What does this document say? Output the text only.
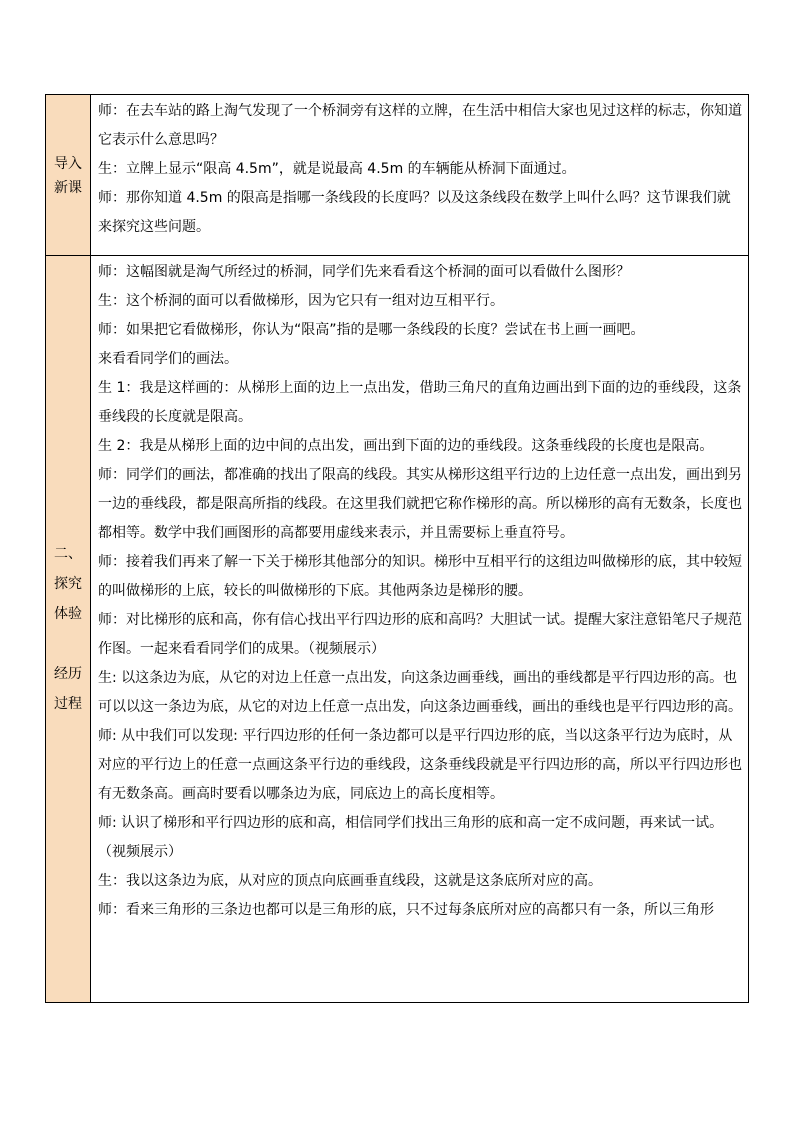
导入
新课

师：在去车站的路上淘气发现了一个桥洞旁有这样的立牌，在生活中相信大家也见过这样的标志，你知道它表示什么意思吗？

生：立牌上显示“限高 4.5m”，就是说最高 4.5m 的车辆能从桥洞下面通过。

师：那你知道 4.5m 的限高是指哪一条线段的长度吗？以及这条线段在数学上叫什么吗？这节课我们就来探究这些问题。

二、
探究
体验
经历
过程

师：这幅图就是淘气所经过的桥洞，同学们先来看看这个桥洞的面可以看做什么图形？

生：这个桥洞的面可以看做梯形，因为它只有一组对边互相平行。

师：如果把它看做梯形，你认为“限高”指的是哪一条线段的长度？尝试在书上画一画吧。

来看看同学们的画法。

生 1：我是这样画的：从梯形上面的边上一点出发，借助三角尺的直角边画出到下面的边的垂线段，这条垂线段的长度就是限高。

生 2：我是从梯形上面的边中间的点出发，画出到下面的边的垂线段。这条垂线段的长度也是限高。

师：同学们的画法，都准确的找出了限高的线段。其实从梯形这组平行边的上边任意一点出发，画出到另一边的垂线段，都是限高所指的线段。在这里我们就把它称作梯形的高。所以梯形的高有无数条，长度也都相等。数学中我们画图形的高都要用虚线来表示，并且需要标上垂直符号。

师：接着我们再来了解一下关于梯形其他部分的知识。梯形中互相平行的这组边叫做梯形的底，其中较短的叫做梯形的上底，较长的叫做梯形的下底。其他两条边是梯形的腰。

师：对比梯形的底和高，你有信心找出平行四边形的底和高吗？大胆试一试。提醒大家注意铅笔尺子规范作图。一起来看看同学们的成果。（视频展示）

生: 以这条边为底，从它的对边上任意一点出发，向这条边画垂线，画出的垂线都是平行四边形的高。也可以以这一条边为底，从它的对边上任意一点出发，向这条边画垂线，画出的垂线也是平行四边形的高。

师: 从中我们可以发现: 平行四边形的任何一条边都可以是平行四边形的底，当以这条平行边为底时，从对应的平行边上的任意一点画这条平行边的垂线段，这条垂线段就是平行四边形的高，所以平行四边形也有无数条高。画高时要看以哪条边为底，同底边上的高长度相等。

师: 认识了梯形和平行四边形的底和高，相信同学们找出三角形的底和高一定不成问题，再来试一试。（视频展示）

生：我以这条边为底，从对应的顶点向底画垂直线段，这就是这条底所对应的高。

师：看来三角形的三条边也都可以是三角形的底，只不过每条底所对应的高都只有一条，所以三角形
